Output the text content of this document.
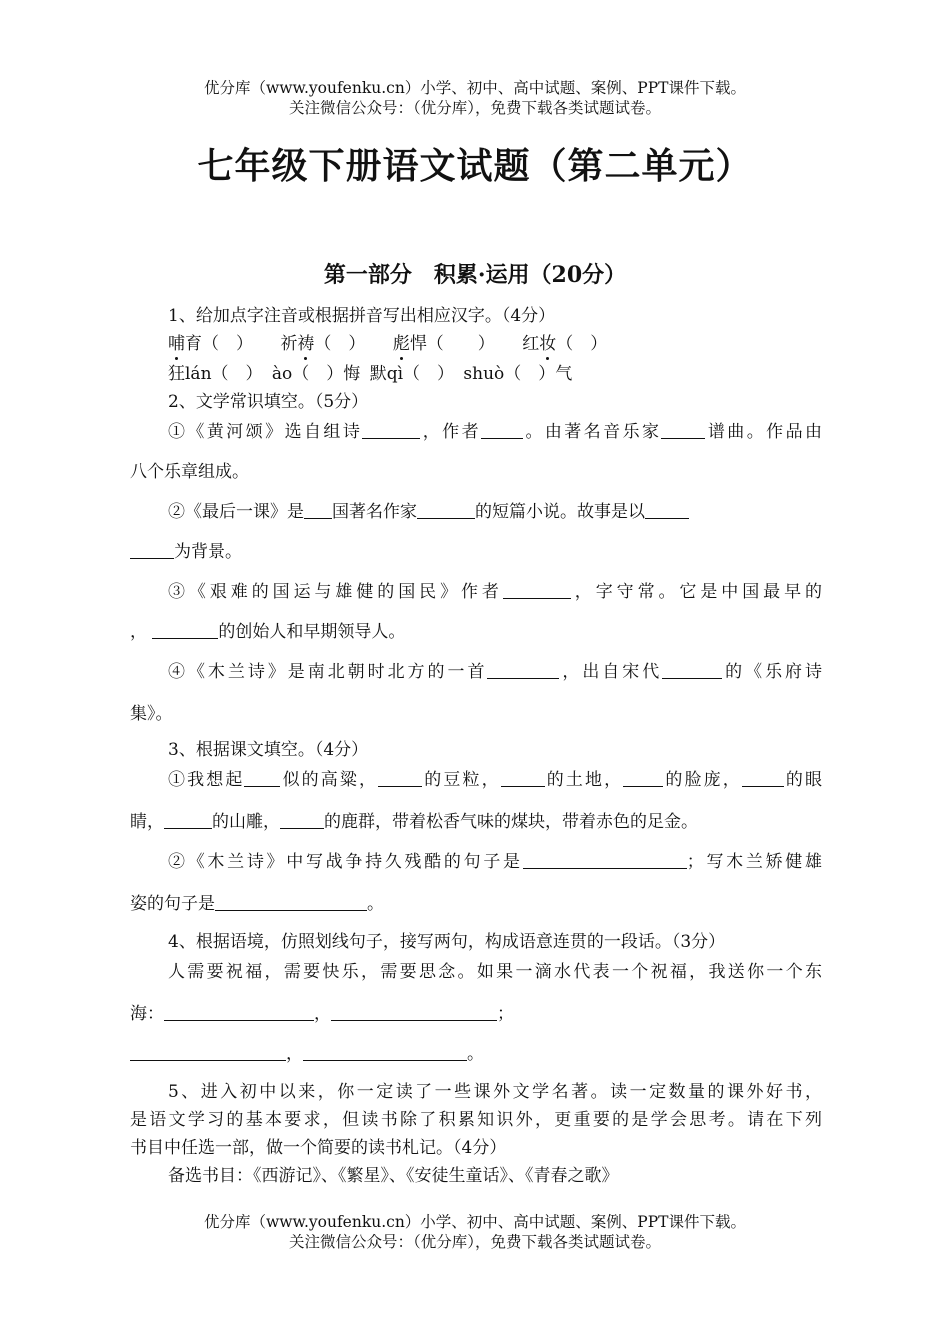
优分库（www.youfenku.cn）小学、初中、高中试题、案例、PPT课件下载。
关注微信公众号：（优分库），免费下载各类试题试卷。
七年级下册语文试题（第二单元）
第一部分　积累·运用（20分）
1、给加点字注音或根据拼音写出相应汉字。（4分）
哺育（　） 祈祷（　） 彪悍（　　） 红妆（　）
狂lán（　） ào（　）悔 默qì（　） shuò（　）气
2、文学常识填空。（5分）
①《黄河颂》选自组诗	，作者 。由著名音乐家	谱曲。作品由
八个乐章组成。
②《最后一课》是 国著名作家	的短篇小说。故事是以
为背景。
③《艰难的国运与雄健的国民》作者	，字守常。它是中国最早的
，	的创始人和早期领导人。
④《木兰诗》是南北朝时北方的一首	，出自宋代	的《乐府诗
集》。
3、根据课文填空。（4分）
①我想起 似的高粱，	的豆粒，	的土地， 的脸庞， 的眼
睛，	的山雕，	的鹿群，带着松香气味的煤块，带着赤色的足金。
②《木兰诗》中写战争持久残酷的句子是	；写木兰矫健雄
姿的句子是	。
4、根据语境，仿照划线句子，接写两句，构成语意连贯的一段话。（3分）
人需要祝福，需要快乐，需要思念。如果一滴水代表一个祝福，我送你一个东
海：	，	；
，	。
5、进入初中以来，你一定读了一些课外文学名著。读一定数量的课外好书，
是语文学习的基本要求，但读书除了积累知识外，更重要的是学会思考。请在下列
书目中任选一部，做一个简要的读书札记。（4分）
备选书目：《西游记》、《繁星》、《安徒生童话》、《青春之歌》
优分库（www.youfenku.cn）小学、初中、高中试题、案例、PPT课件下载。
关注微信公众号：（优分库），免费下载各类试题试卷。
